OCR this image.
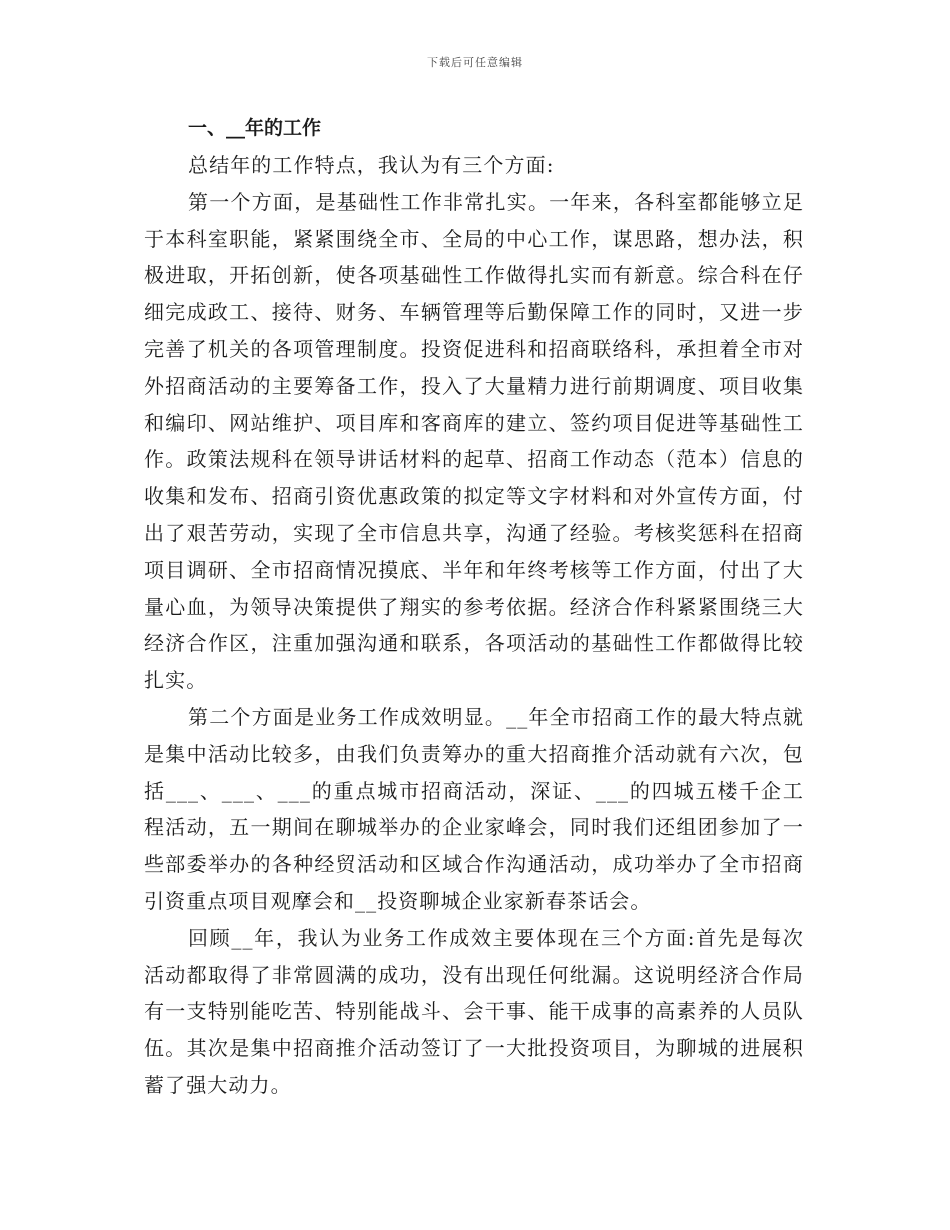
下载后可任意编辑
一、__年的工作

总结年的工作特点，我认为有三个方面:

第一个方面，是基础性工作非常扎实。一年来，各科室都能够立足于本科室职能，紧紧围绕全市、全局的中心工作，谋思路，想办法，积极进取，开拓创新，使各项基础性工作做得扎实而有新意。综合科在仔细完成政工、接待、财务、车辆管理等后勤保障工作的同时，又进一步完善了机关的各项管理制度。投资促进科和招商联络科，承担着全市对外招商活动的主要筹备工作，投入了大量精力进行前期调度、项目收集和编印、网站维护、项目库和客商库的建立、签约项目促进等基础性工作。政策法规科在领导讲话材料的起草、招商工作动态（范本）信息的收集和发布、招商引资优惠政策的拟定等文字材料和对外宣传方面，付出了艰苦劳动，实现了全市信息共享，沟通了经验。考核奖惩科在招商项目调研、全市招商情况摸底、半年和年终考核等工作方面，付出了大量心血，为领导决策提供了翔实的参考依据。经济合作科紧紧围绕三大经济合作区，注重加强沟通和联系，各项活动的基础性工作都做得比较扎实。

第二个方面是业务工作成效明显。__年全市招商工作的最大特点就是集中活动比较多，由我们负责筹办的重大招商推介活动就有六次，包括___、___、___的重点城市招商活动，深证、___的四城五楼千企工程活动，五一期间在聊城举办的企业家峰会，同时我们还组团参加了一些部委举办的各种经贸活动和区域合作沟通活动，成功举办了全市招商引资重点项目观摩会和__投资聊城企业家新春茶话会。

回顾__年，我认为业务工作成效主要体现在三个方面:首先是每次活动都取得了非常圆满的成功，没有出现任何纰漏。这说明经济合作局有一支特别能吃苦、特别能战斗、会干事、能干成事的高素养的人员队伍。其次是集中招商推介活动签订了一大批投资项目，为聊城的进展积蓄了强大动力。
